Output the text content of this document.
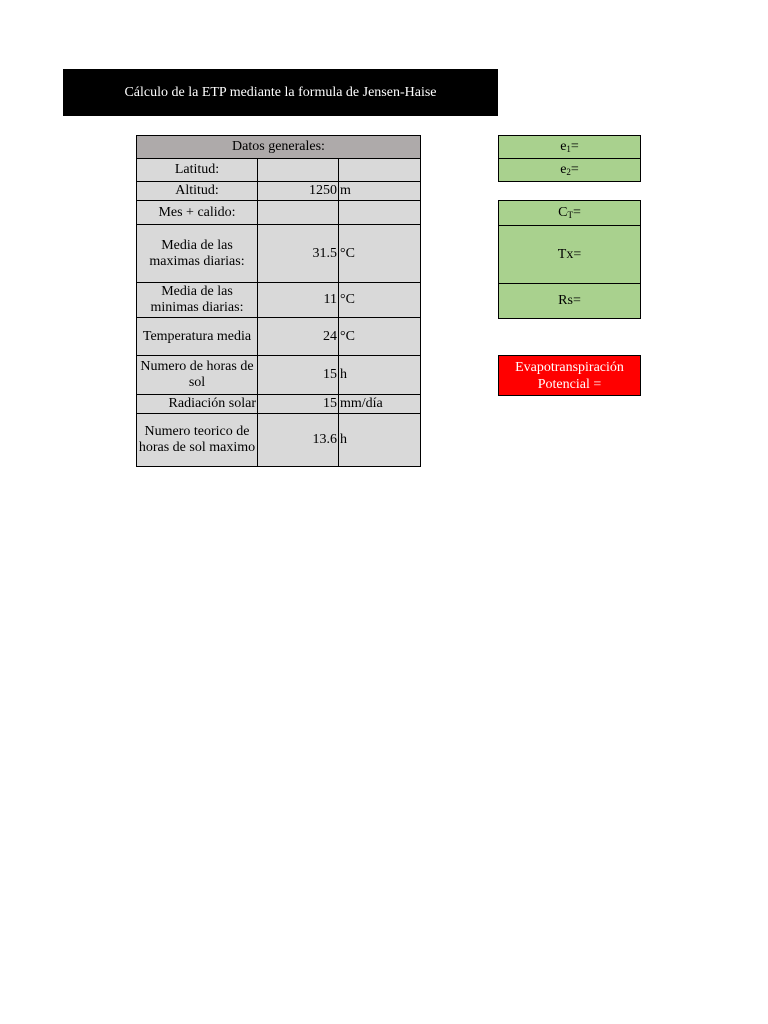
Cálculo de la ETP mediante la formula de Jensen-Haise
Datos generales:		
Latitud:		
Altitud:	1250	m
Mes + calido:		
Media de las maximas diarias:	31.5	°C
Media de las minimas diarias:	11	°C
Temperatura media	24	°C
Numero de horas de sol	15	h
Radiación solar	15	mm/día
Numero teorico de horas de sol maximo	13.6	h
$e_1=$
$e_2=$
$C_T=$
Tx=
Rs=
Evapotranspiración
Potencial =
